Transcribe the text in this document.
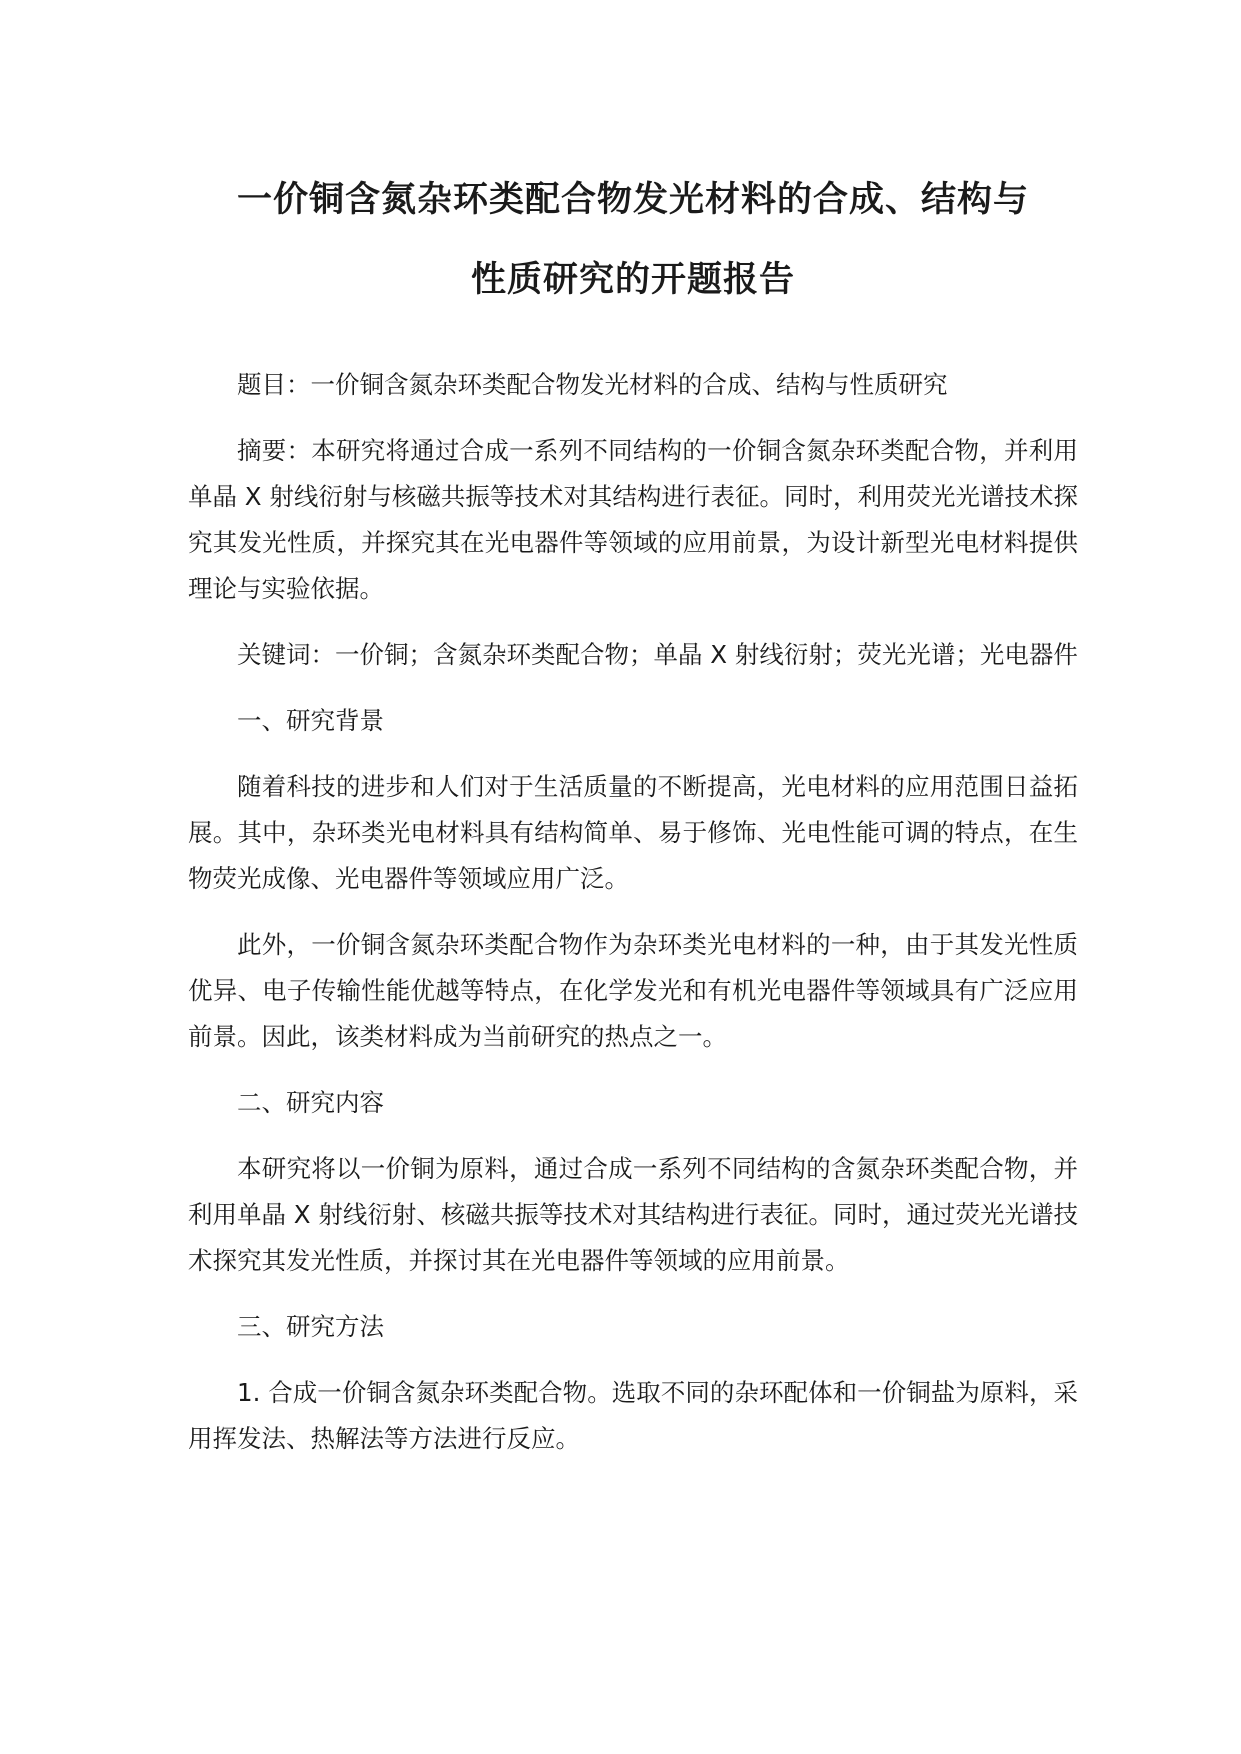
一价铜含氮杂环类配合物发光材料的合成、结构与
性质研究的开题报告

题目：一价铜含氮杂环类配合物发光材料的合成、结构与性质研究

摘要：本研究将通过合成一系列不同结构的一价铜含氮杂环类配合物，并利用单晶 X 射线衍射与核磁共振等技术对其结构进行表征。同时，利用荧光光谱技术探究其发光性质，并探究其在光电器件等领域的应用前景，为设计新型光电材料提供理论与实验依据。

关键词：一价铜；含氮杂环类配合物；单晶 X 射线衍射；荧光光谱；光电器件

一、研究背景

随着科技的进步和人们对于生活质量的不断提高，光电材料的应用范围日益拓展。其中，杂环类光电材料具有结构简单、易于修饰、光电性能可调的特点，在生物荧光成像、光电器件等领域应用广泛。

此外，一价铜含氮杂环类配合物作为杂环类光电材料的一种，由于其发光性质优异、电子传输性能优越等特点，在化学发光和有机光电器件等领域具有广泛应用前景。因此，该类材料成为当前研究的热点之一。

二、研究内容

本研究将以一价铜为原料，通过合成一系列不同结构的含氮杂环类配合物，并利用单晶 X 射线衍射、核磁共振等技术对其结构进行表征。同时，通过荧光光谱技术探究其发光性质，并探讨其在光电器件等领域的应用前景。

三、研究方法

1. 合成一价铜含氮杂环类配合物。选取不同的杂环配体和一价铜盐为原料，采用挥发法、热解法等方法进行反应。
